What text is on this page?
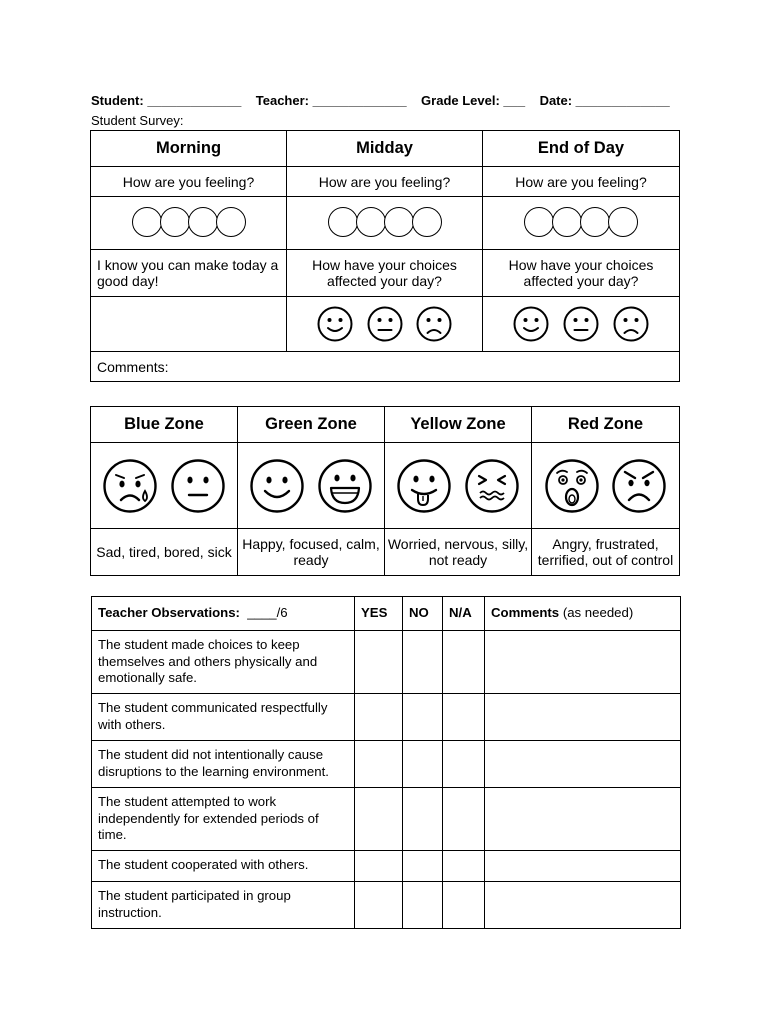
Student: _____________ Teacher: _____________ Grade Level: ___ Date: _____________
Student Survey:
Morning	Midday	End of Day
How are you feeling?	How are you feeling?	How are you feeling?

I know you can make today a good day!	How have your choices affected your day?	How have your choices affected your day?

Comments:		
Blue Zone	Green Zone	Yellow Zone	Red Zone

Sad, tired, bored, sick	Happy, focused, calm, ready	Worried, nervous, silly, not ready	Angry, frustrated, terrified, out of control
Teacher Observations: ____/6	YES	NO	N/A	Comments (as needed)
The student made choices to keep themselves and others physically and emotionally safe.				
The student communicated respectfully with others.				
The student did not intentionally cause disruptions to the learning environment.				
The student attempted to work independently for extended periods of time.				
The student cooperated with others.				
The student participated in group instruction.				
